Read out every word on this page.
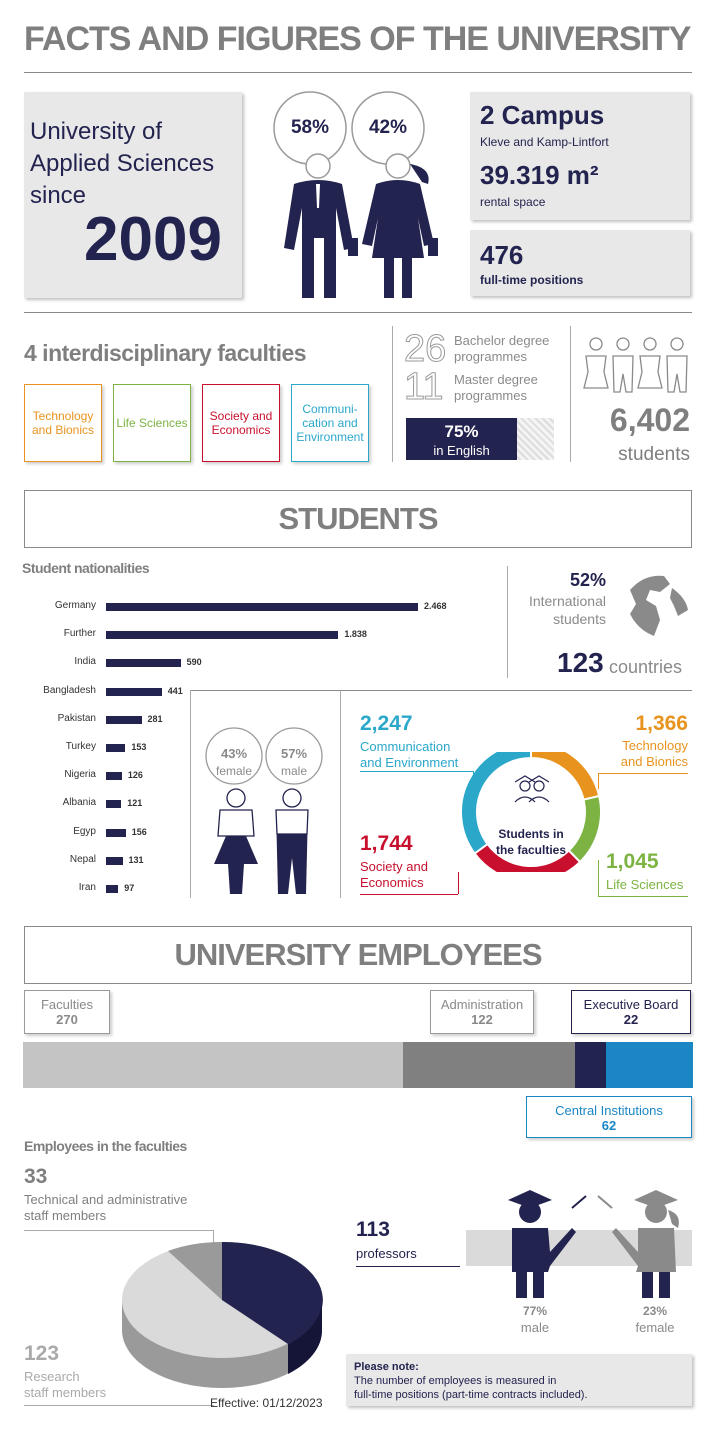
FACTS AND FIGURES OF THE UNIVERSITY
University of
Applied Sciences
since
2009
58%	42%	2 Campus
Kleve and Kamp-Lintfort
39.319 m²
rental space
476
full-time positions
4 interdisciplinary faculties
Technology and Bionics	Life Sciences	Society and Economics
Communi- cation and Environment
26 Bachelor degree
programmes
11 Master degree
programmes
75%
in English
6,402
students
STUDENTS
Student nationalities
Germany	2.468
Further	1.838
India	590
Bangladesh	441
Pakistan	281
Turkey	153
Nigeria	126
Albania	121
Egyp	156
Nepal	131
Iran	97
52%
International
students
123 countries
43%
female
57%
male
Students in
the faculties
2,247
Communication
and Environment
1,366
Technology
and Bionics
1,045
Life Sciences
1,744
Society and
Economics
UNIVERSITY EMPLOYEES
Faculties
270
Administration
122
Executive Board
22
Central Institutions
62
Employees in the faculties
33
Technical and administrative
staff members
113
professors
123
Research
staff members
Effective: 01/12/2023
77%
male
23%
female
Please note:
The number of employees is measured in
full-time positions (part-time contracts included).
